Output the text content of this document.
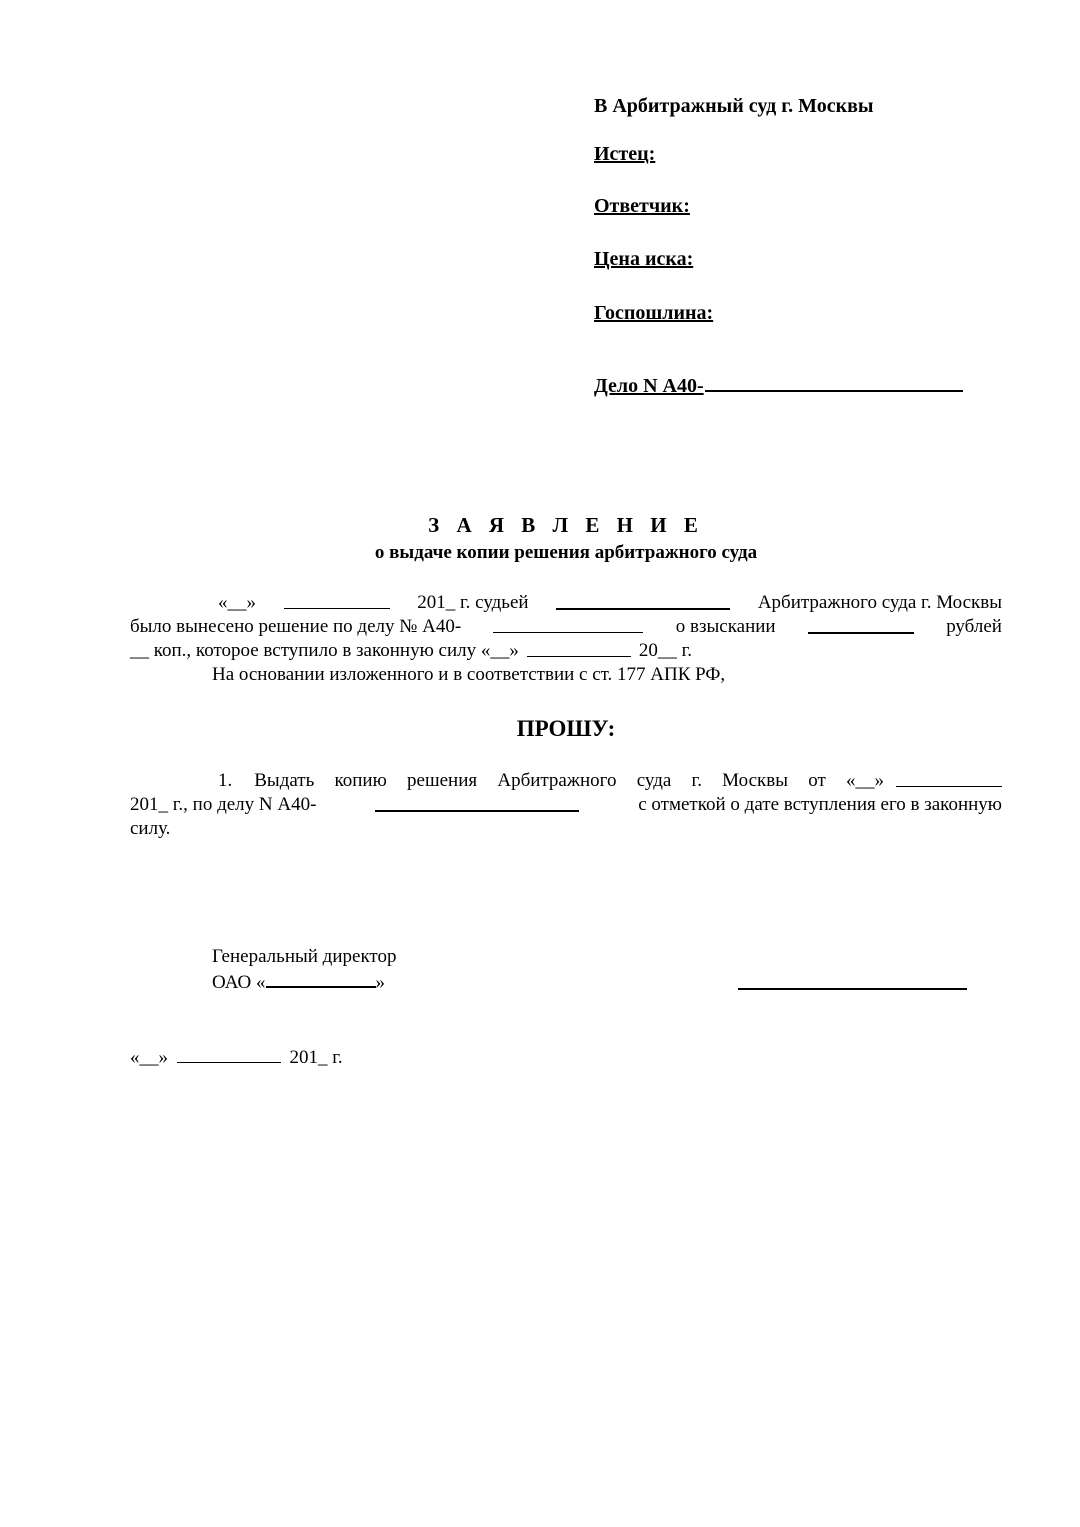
В Арбитражный суд г. Москвы
Истец:
Ответчик:
Цена иска:
Госпошлина:
Дело N А40-
З А Я В Л Е Н И Е
о выдаче копии решения арбитражного суда
«__»	201_ г. судьей	Арбитражного суда г. Москвы
было вынесено решение по делу № А40-	о взыскании	рублей
__ коп., которое вступило в законную силу «__»	20__ г.
На основании изложенного и в соответствии с ст. 177 АПК РФ,
ПРОШУ:
1. Выдать копию решения Арбитражного суда г. Москвы от «__»
201_ г., по делу N А40-	с отметкой о дате вступления его в законную
силу.
Генеральный директор
ОАО «	»
«__»	201_ г.
